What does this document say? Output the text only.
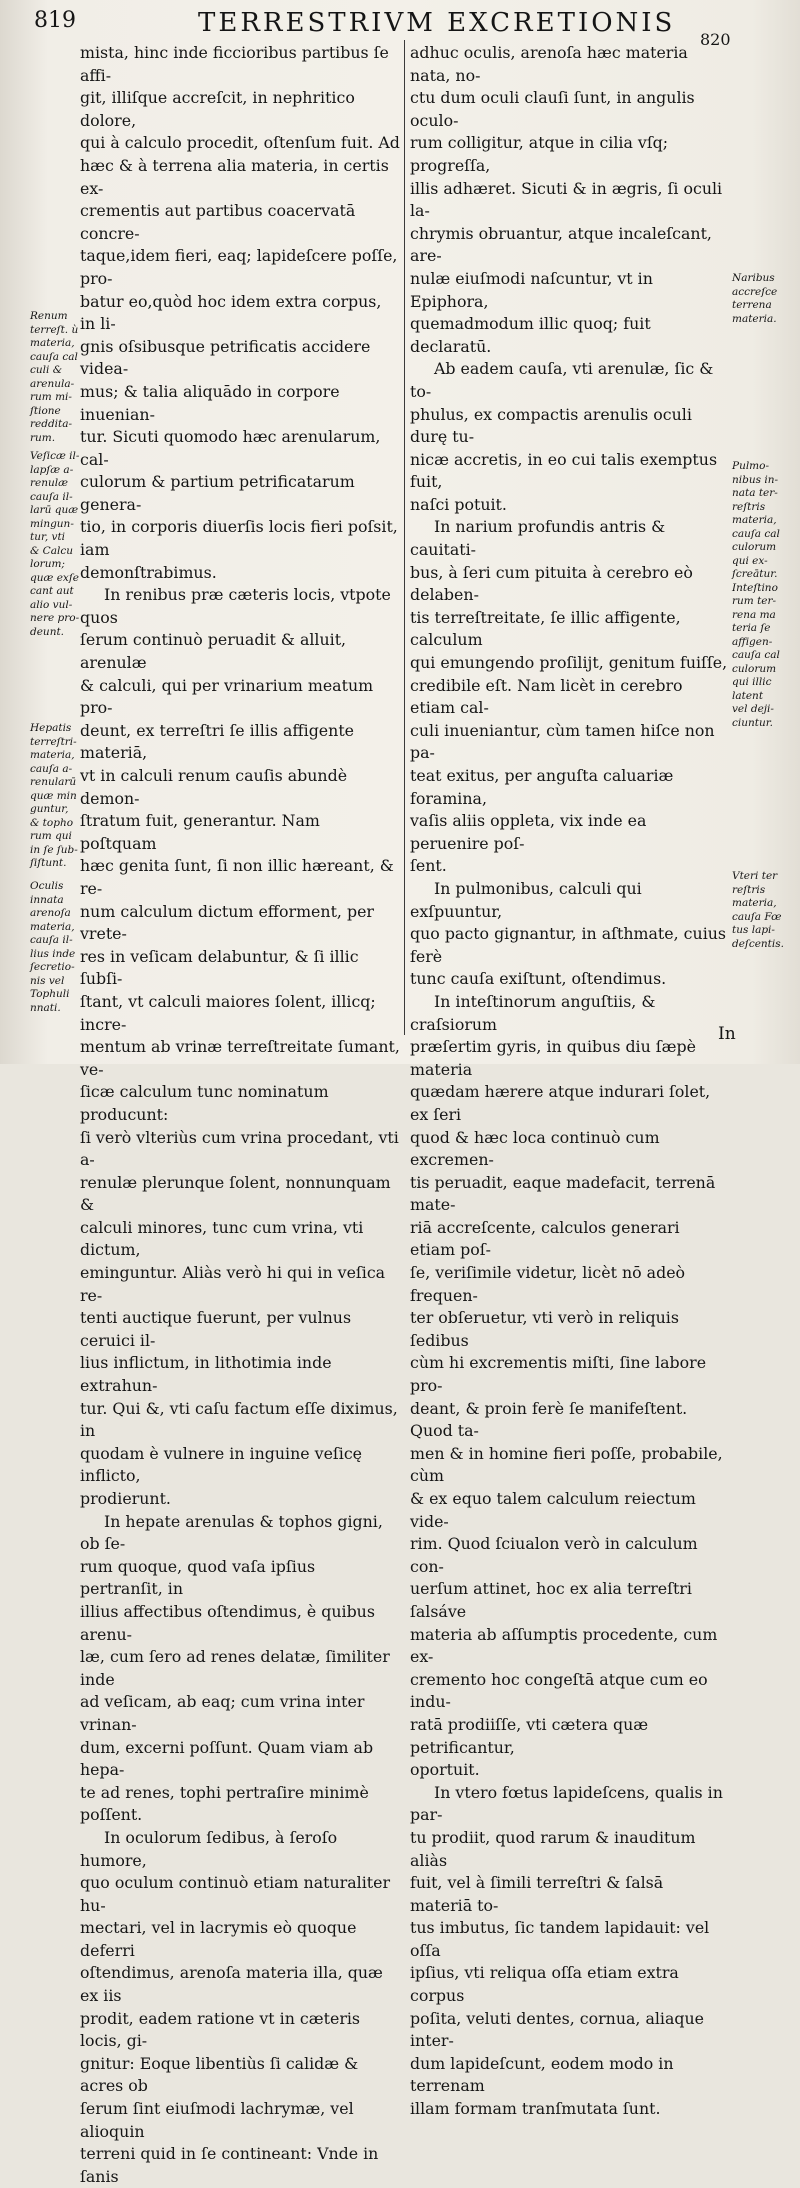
819	TERRESTRIVM EXCRETIONIS
820

mista, hinc inde ficcioribus partibus ſe affi-

git, illiſque accreſcit, in nephritico dolore,

qui à calculo procedit, oſtenſum fuit. Ad

hæc & à terrena alia materia, in certis ex-

crementis aut partibus coacervatā concre-

taque,idem fieri, eaq; lapideſcere poſſe, pro-

batur eo,quòd hoc idem extra corpus, in li-

gnis oſsibusque petrificatis accidere videa-

mus; & talia aliquādo in corpore inuenian-

tur. Sicuti quomodo hæc arenularum, cal-

culorum & partium petrificatarum genera-

tio, in corporis diuerſis locis fieri poſsit, iam

demonſtrabimus.

In renibus præ cæteris locis, vtpote quos

ſerum continuò peruadit & alluit, arenulæ

& calculi, qui per vrinarium meatum pro-

deunt, ex terreſtri ſe illis affigente materiā,

vt in calculi renum cauſis abundè demon-

ſtratum fuit, generantur. Nam poſtquam

hæc genita ſunt, ſi non illic hæreant, & re-

num calculum dictum efforment, per vrete-

res in veſicam delabuntur, & ſi illic ſubſi-

ſtant, vt calculi maiores ſolent, illicq; incre-

mentum ab vrinæ terreſtreitate ſumant, ve-

ſicæ calculum tunc nominatum producunt:

ſi verò vlteriùs cum vrina procedant, vti a-

renulæ plerunque ſolent, nonnunquam &

calculi minores, tunc cum vrina, vti dictum,

eminguntur. Aliàs verò hi qui in veſica re-

tenti auctique fuerunt, per vulnus ceruici il-

lius inflictum, in lithotimia inde extrahun-

tur. Qui &, vti caſu factum eſſe diximus, in

quodam è vulnere in inguine veſicę inflicto,

prodierunt.

In hepate arenulas & tophos gigni, ob ſe-

rum quoque, quod vaſa ipſius pertranſit, in

illius affectibus oſtendimus, è quibus arenu-

læ, cum ſero ad renes delatæ, ſimiliter inde

ad veſicam, ab eaq; cum vrina inter vrinan-

dum, excerni poſſunt. Quam viam ab hepa-

te ad renes, tophi pertraſire minimè poſſent.

In oculorum ſedibus, à ſeroſo humore,

quo oculum continuò etiam naturaliter hu-

mectari, vel in lacrymis eò quoque deferri

oſtendimus, arenoſa materia illa, quæ ex iis

prodit, eadem ratione vt in cæteris locis, gi-

gnitur: Eoque libentiùs ſi calidæ & acres ob

ſerum ſint eiuſmodi lachrymæ, vel alioquin

terreni quid in ſe contineant: Vnde in ſanis

adhuc oculis, arenoſa hæc materia nata, no-

ctu dum oculi clauſi ſunt, in angulis oculo-

rum colligitur, atque in cilia vſq; progreſſa,

illis adhæret. Sicuti & in ægris, ſi oculi la-

chrymis obruantur, atque incaleſcant, are-

nulæ eiuſmodi naſcuntur, vt in Epiphora,

quemadmodum illic quoq; fuit declaratū.

Ab eadem cauſa, vti arenulæ, ſic & to-

phulus, ex compactis arenulis oculi durę tu-

nicæ accretis, in eo cui talis exemptus fuit,

naſci potuit.

In narium profundis antris & cauitati-

bus, à ſeri cum pituita à cerebro eò delaben-

tis terreſtreitate, ſe illic affigente, calculum

qui emungendo proſilijt, genitum fuiſſe,

credibile eſt. Nam licèt in cerebro etiam cal-

culi inueniantur, cùm tamen hiſce non pa-

teat exitus, per anguſta caluariæ foramina,

vaſis aliis oppleta, vix inde ea peruenire poſ-

ſent.

In pulmonibus, calculi qui exſpuuntur,

quo pacto gignantur, in aſthmate, cuius ferè

tunc cauſa exiſtunt, oſtendimus.

In inteſtinorum anguſtiis, & craſsiorum

præſertim gyris, in quibus diu ſæpè materia

quædam hærere atque indurari ſolet, ex ſeri

quod & hæc loca continuò cum excremen-

tis peruadit, eaque madefacit, terrenā mate-

riā accreſcente, calculos generari etiam poſ-

ſe, veriſimile videtur, licèt nō adeò frequen-

ter obſeruetur, vti verò in reliquis ſedibus

cùm hi excrementis miſti, ſine labore pro-

deant, & proin ferè ſe manifeſtent. Quod ta-

men & in homine fieri poſſe, probabile, cùm

& ex equo talem calculum reiectum vide-

rim. Quod ſciualon verò in calculum con-

uerſum attinet, hoc ex alia terreſtri ſalsáve

materia ab aſſumptis procedente, cum ex-

cremento hoc congeſtā atque cum eo indu-

ratā prodiiſſe, vti cætera quæ petrificantur,

oportuit.

In vtero fœtus lapideſcens, qualis in par-

tu prodiit, quod rarum & inauditum aliàs

fuit, vel à ſimili terreſtri & ſalsā materiā to-

tus imbutus, ſic tandem lapidauit: vel oſſa

ipſius, vti reliqua oſſa etiam extra corpus

poſita, veluti dentes, cornua, aliaque inter-

dum lapideſcunt, eodem modo in terrenam

illam formam tranſmutata ſunt.

Renum
terreſt. ù
materia,
cauſa cal
culi &
arenula-
rum mi-
ſtione
reddita-
rum.
Veſicæ il-
lapſæ a-
renulæ
cauſa il-
larū quæ
mingun-
tur, vti
& Calcu
lorum;
quæ exſe
cant aut
alio vul-
nere pro-
deunt.
Hepatis
terreſtri-
materia,
cauſa a-
renularū
quæ min
guntur,
& topho
rum qui
in ſe ſub-
ſiſtunt.
Oculis
innata
arenoſa
materia,
cauſa il-
lius inde
ſecretio-
nis vel
Tophuli
nnati.
Naribus
accreſce
terrena
materia.
Pulmo-
nibus in-
nata ter-
reſtris
materia,
cauſa cal
culorum
qui ex-
ſcreātur.
Inteſtino
rum ter-
rena ma
teria ſe
affigen-
cauſa cal
culorum
qui illic
latent
vel deji-
ciuntur.
Vteri ter
reſtris
materia,
cauſa Fœ
tus lapi-
deſcentis.
In
